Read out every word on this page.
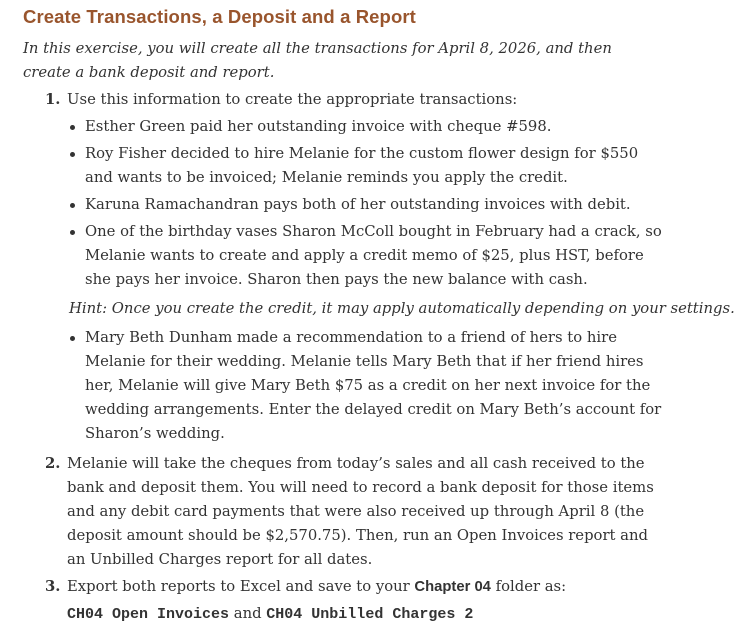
Create Transactions, a Deposit and a Report

In this exercise, you will create all the transactions for April 8, 2026, and then create a bank deposit and report.

1. Use this information to create the appropriate transactions:
Esther Green paid her outstanding invoice with cheque #598.
Roy Fisher decided to hire Melanie for the custom flower design for $550 and wants to be invoiced; Melanie reminds you apply the credit.
Karuna Ramachandran pays both of her outstanding invoices with debit.
One of the birthday vases Sharon McColl bought in February had a crack, so Melanie wants to create and apply a credit memo of $25, plus HST, before she pays her invoice. Sharon then pays the new balance with cash.
Hint: Once you create the credit, it may apply automatically depending on your settings.
Mary Beth Dunham made a recommendation to a friend of hers to hire Melanie for their wedding. Melanie tells Mary Beth that if her friend hires her, Melanie will give Mary Beth $75 as a credit on her next invoice for the wedding arrangements. Enter the delayed credit on Mary Beth’s account for Sharon’s wedding.
2. Melanie will take the cheques from today’s sales and all cash received to the bank and deposit them. You will need to record a bank deposit for those items and any debit card payments that were also received up through April 8 (the deposit amount should be $2,570.75). Then, run an Open Invoices report and an Unbilled Charges report for all dates.
3. Export both reports to Excel and save to your Chapter 04 folder as:
CH04 Open Invoices and CH04 Unbilled Charges 2
